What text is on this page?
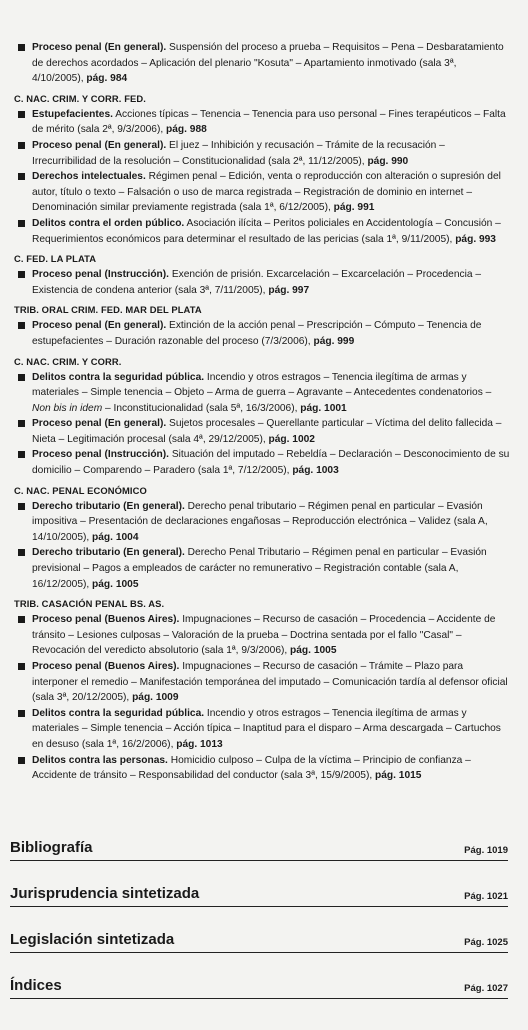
Proceso penal (En general). Suspensión del proceso a prueba – Requisitos – Pena – Desbaratamiento de derechos acordados – Aplicación del plenario "Kosuta" – Apartamiento inmotivado (sala 3ª, 4/10/2005), pág. 984
C. NAC. CRIM. Y CORR. FED.
Estupefacientes. Acciones típicas – Tenencia – Tenencia para uso personal – Fines terapéuticos – Falta de mérito (sala 2ª, 9/3/2006), pág. 988
Proceso penal (En general). El juez – Inhibición y recusación – Trámite de la recusación – Irrecurribilidad de la resolución – Constitucionalidad (sala 2ª, 11/12/2005), pág. 990
Derechos intelectuales. Régimen penal – Edición, venta o reproducción con alteración o supresión del autor, título o texto – Falsación o uso de marca registrada – Registración de dominio en internet – Denominación similar previamente registrada (sala 1ª, 6/12/2005), pág. 991
Delitos contra el orden público. Asociación ilícita – Peritos policiales en Accidentología – Concusión – Requerimientos económicos para determinar el resultado de las pericias (sala 1ª, 9/11/2005), pág. 993
C. FED. LA PLATA
Proceso penal (Instrucción). Exención de prisión. Excarcelación – Excarcelación – Procedencia – Existencia de condena anterior (sala 3ª, 7/11/2005), pág. 997
TRIB. ORAL CRIM. FED. MAR DEL PLATA
Proceso penal (En general). Extinción de la acción penal – Prescripción – Cómputo – Tenencia de estupefacientes – Duración razonable del proceso (7/3/2006), pág. 999
C. NAC. CRIM. Y CORR.
Delitos contra la seguridad pública. Incendio y otros estragos – Tenencia ilegítima de armas y materiales – Simple tenencia – Objeto – Arma de guerra – Agravante – Antecedentes condenatorios – Non bis in idem – Inconstitucionalidad (sala 5ª, 16/3/2006), pág. 1001
Proceso penal (En general). Sujetos procesales – Querellante particular – Víctima del delito fallecida – Nieta – Legitimación procesal (sala 4ª, 29/12/2005), pág. 1002
Proceso penal (Instrucción). Situación del imputado – Rebeldía – Declaración – Desconocimiento de su domicilio – Comparendo – Paradero (sala 1ª, 7/12/2005), pág. 1003
C. NAC. PENAL ECONÓMICO
Derecho tributario (En general). Derecho penal tributario – Régimen penal en particular – Evasión impositiva – Presentación de declaraciones engañosas – Reproducción electrónica – Validez (sala A, 14/10/2005), pág. 1004
Derecho tributario (En general). Derecho Penal Tributario – Régimen penal en particular – Evasión previsional – Pagos a empleados de carácter no remunerativo – Registración contable (sala A, 16/12/2005), pág. 1005
TRIB. CASACIÓN PENAL BS. AS.
Proceso penal (Buenos Aires). Impugnaciones – Recurso de casación – Procedencia – Accidente de tránsito – Lesiones culposas – Valoración de la prueba – Doctrina sentada por el fallo "Casal" – Revocación del veredicto absolutorio (sala 1ª, 9/3/2006), pág. 1005
Proceso penal (Buenos Aires). Impugnaciones – Recurso de casación – Trámite – Plazo para interponer el remedio – Manifestación temporánea del imputado – Comunicación tardía al defensor oficial (sala 3ª, 20/12/2005), pág. 1009
Delitos contra la seguridad pública. Incendio y otros estragos – Tenencia ilegítima de armas y materiales – Simple tenencia – Acción típica – Inaptitud para el disparo – Arma descargada – Cartuchos en desuso (sala 1ª, 16/2/2006), pág. 1013
Delitos contra las personas. Homicidio culposo – Culpa de la víctima – Principio de confianza – Accidente de tránsito – Responsabilidad del conductor (sala 3ª, 15/9/2005), pág. 1015
Bibliografía	Pág. 1019
Jurisprudencia sintetizada	Pág. 1021
Legislación sintetizada	Pág. 1025
Índices	Pág. 1027
